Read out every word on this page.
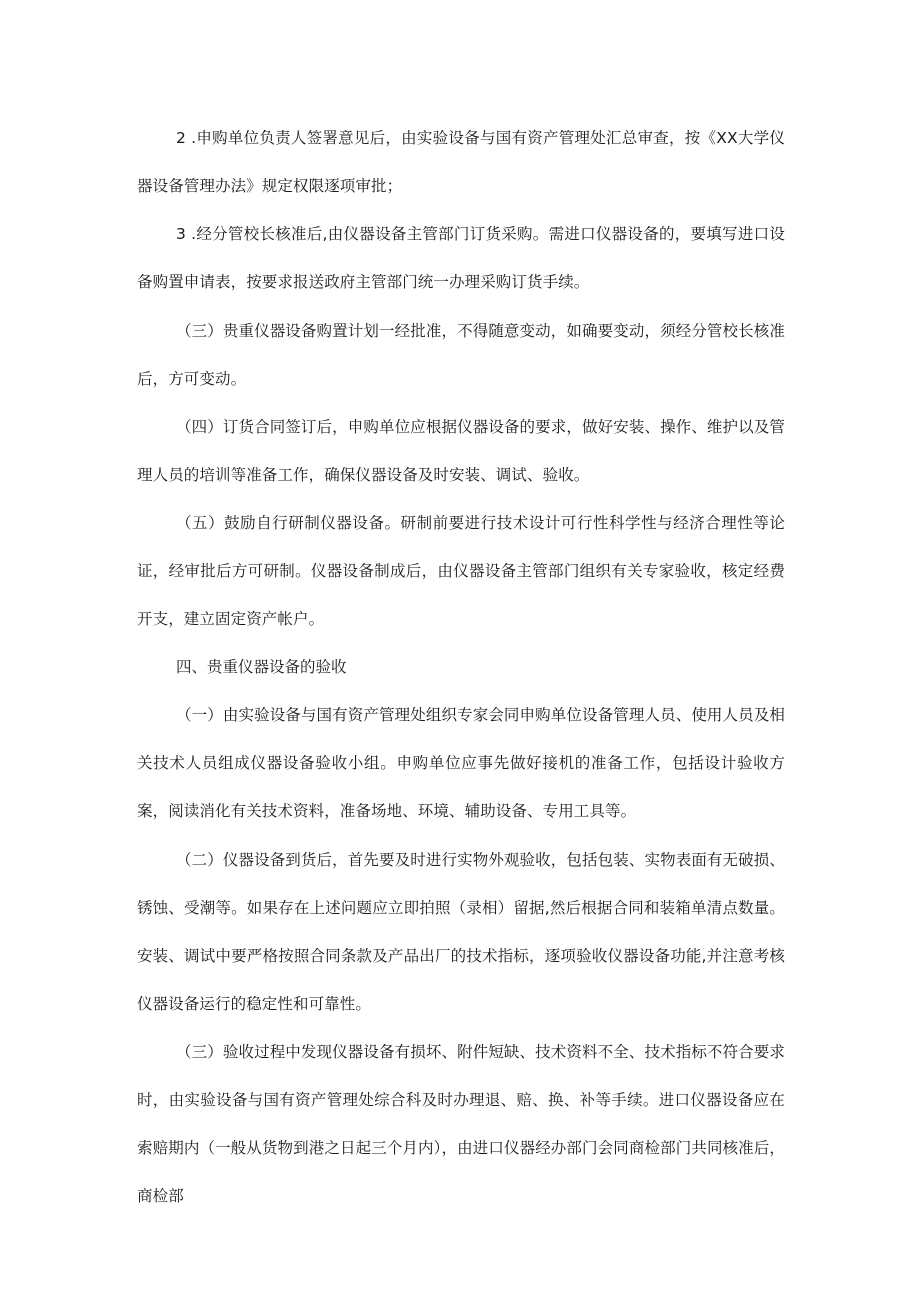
2 .申购单位负责人签署意见后，由实验设备与国有资产管理处汇总审查，按《XX大学仪器设备管理办法》规定权限逐项审批；

3 .经分管校长核准后,由仪器设备主管部门订货采购。需进口仪器设备的，要填写进口设备购置申请表，按要求报送政府主管部门统一办理采购订货手续。

（三）贵重仪器设备购置计划一经批准，不得随意变动，如确要变动，须经分管校长核准后，方可变动。

（四）订货合同签订后，申购单位应根据仪器设备的要求，做好安装、操作、维护以及管理人员的培训等准备工作，确保仪器设备及时安装、调试、验收。

（五）鼓励自行研制仪器设备。研制前要进行技术设计可行性科学性与经济合理性等论证，经审批后方可研制。仪器设备制成后，由仪器设备主管部门组织有关专家验收，核定经费开支，建立固定资产帐户。

四、贵重仪器设备的验收

（一）由实验设备与国有资产管理处组织专家会同申购单位设备管理人员、使用人员及相关技术人员组成仪器设备验收小组。申购单位应事先做好接机的准备工作，包括设计验收方案，阅读消化有关技术资料，准备场地、环境、辅助设备、专用工具等。

（二）仪器设备到货后，首先要及时进行实物外观验收，包括包装、实物表面有无破损、锈蚀、受潮等。如果存在上述问题应立即拍照（录相）留据,然后根据合同和装箱单清点数量。安装、调试中要严格按照合同条款及产品出厂的技术指标，逐项验收仪器设备功能,并注意考核仪器设备运行的稳定性和可靠性。

（三）验收过程中发现仪器设备有损坏、附件短缺、技术资料不全、技术指标不符合要求时，由实验设备与国有资产管理处综合科及时办理退、赔、换、补等手续。进口仪器设备应在索赔期内（一般从货物到港之日起三个月内），由进口仪器经办部门会同商检部门共同核准后，商检部
